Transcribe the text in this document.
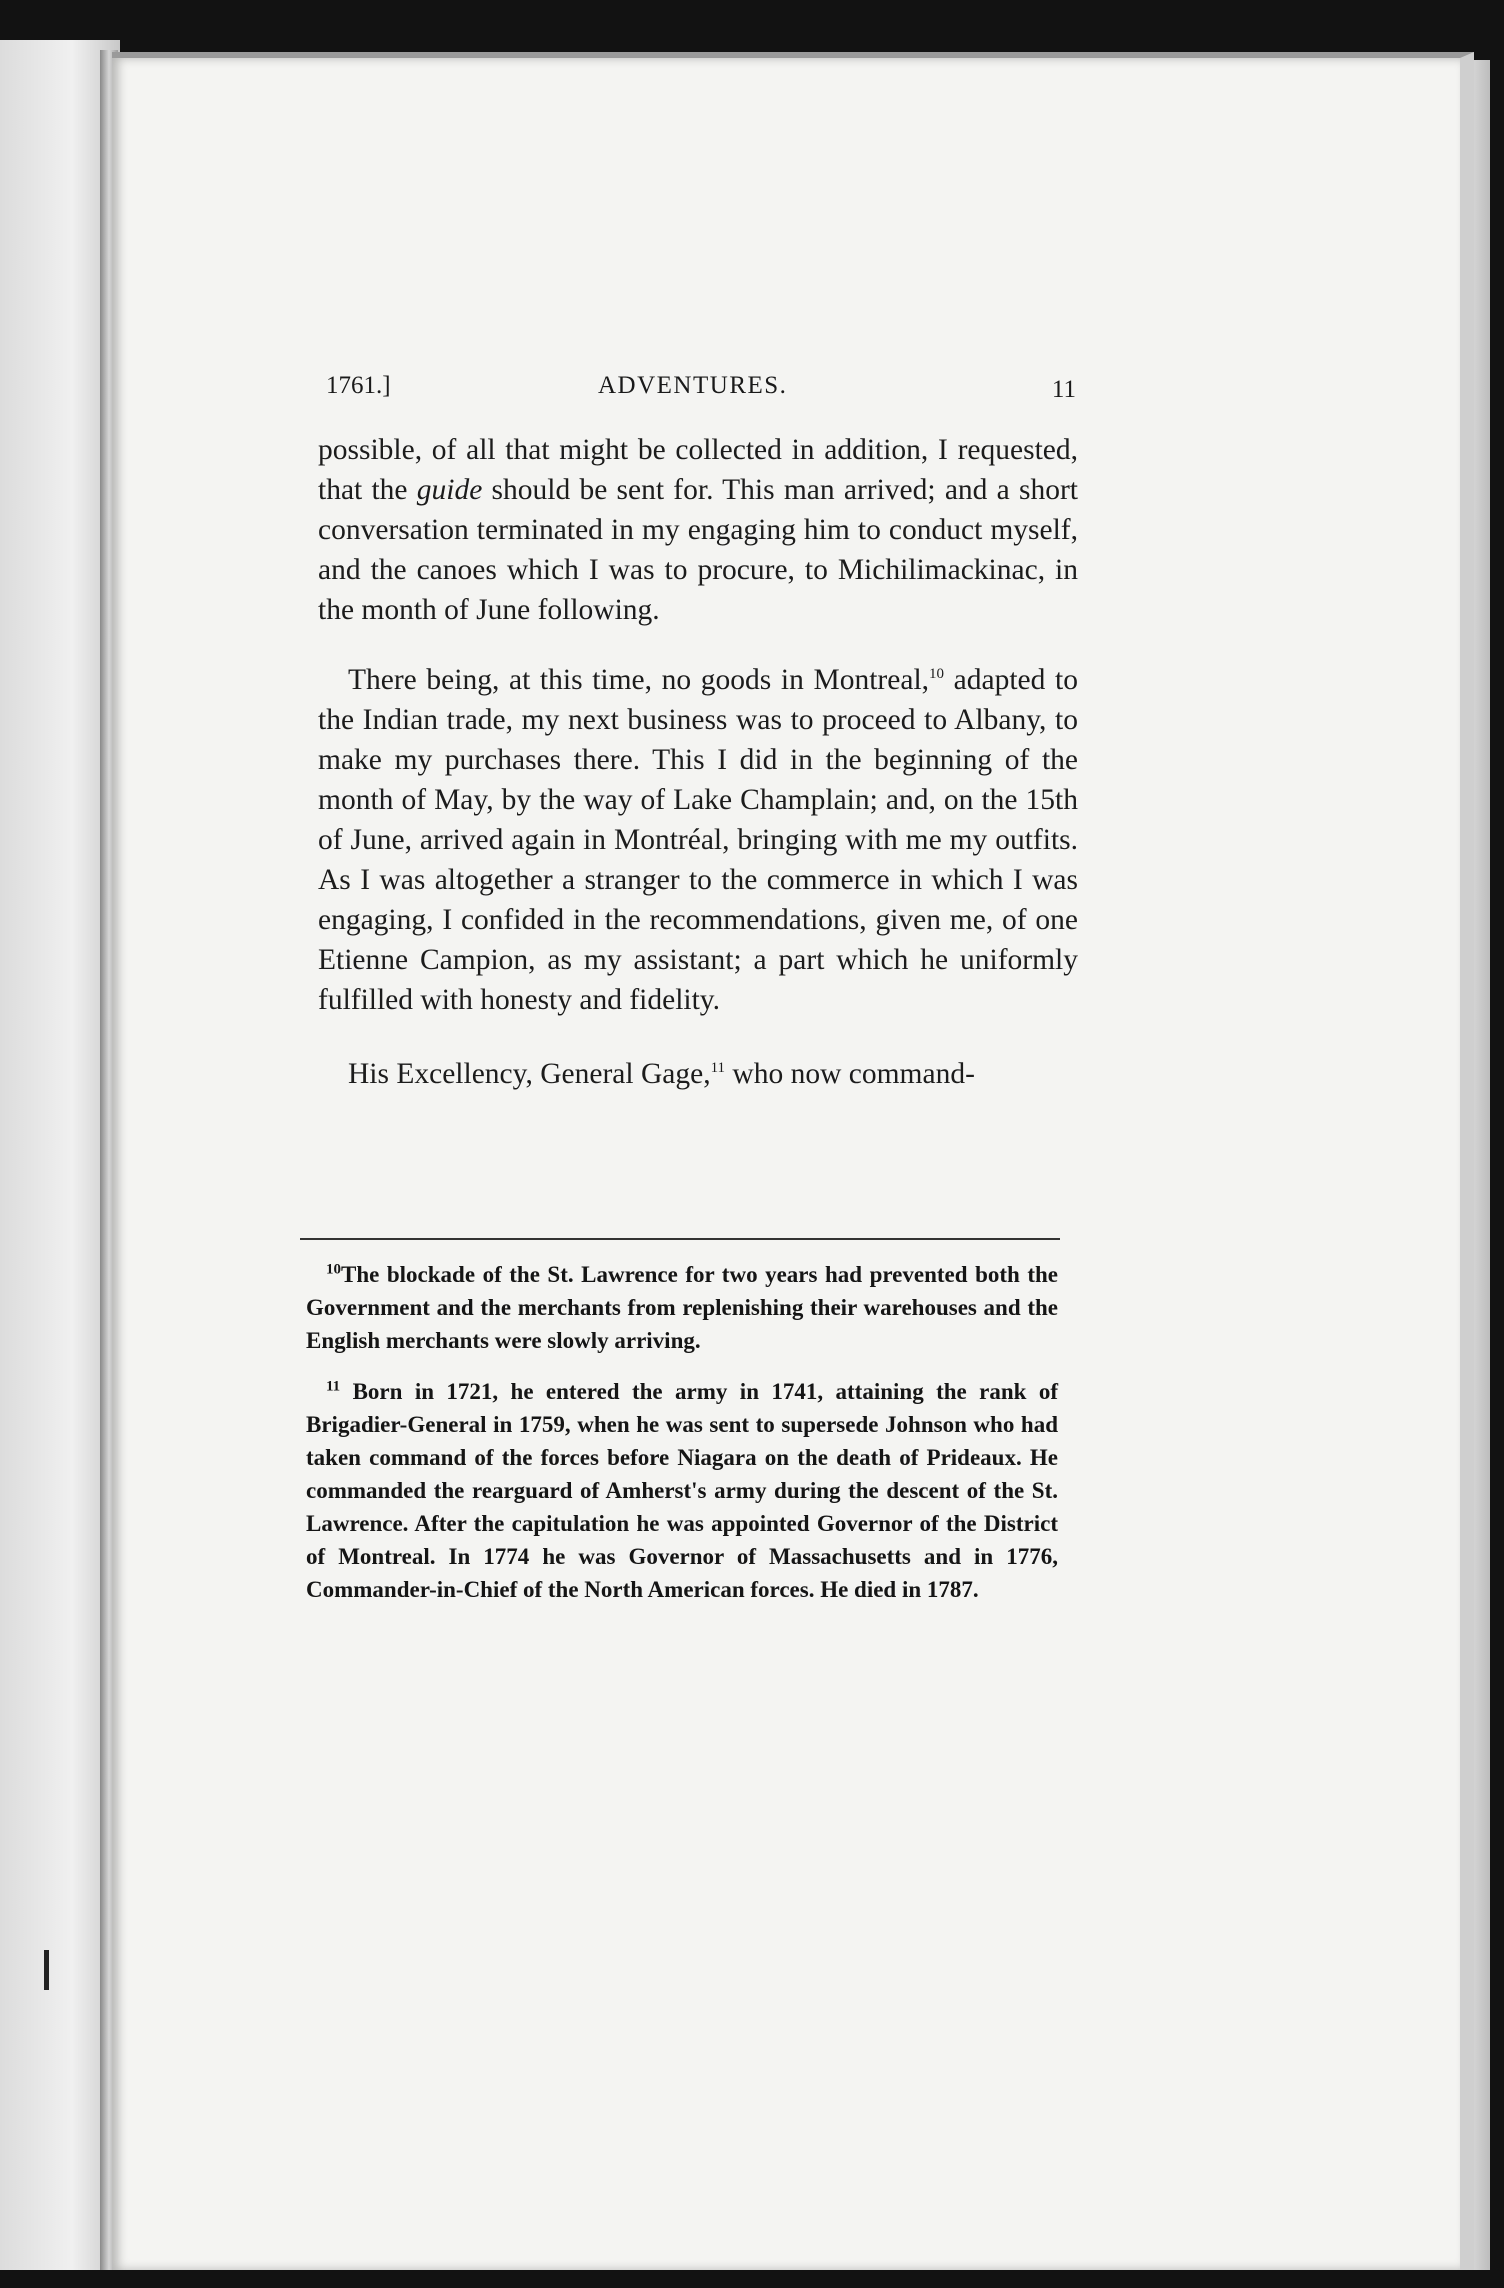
1761.]	ADVENTURES.	11

possible, of all that might be collected in addition, I requested, that the guide should be sent for. This man arrived; and a short conversation terminated in my engaging him to conduct myself, and the canoes which I was to procure, to Michilimackinac, in the month of June following.

There being, at this time, no goods in Montreal,$^{10}$ adapted to the Indian trade, my next business was to proceed to Albany, to make my purchases there. This I did in the beginning of the month of May, by the way of Lake Champlain; and, on the 15th of June, arrived again in Montréal, bringing with me my outfits. As I was altogether a stranger to the commerce in which I was engaging, I confided in the recommendations, given me, of one Etienne Campion, as my assistant; a part which he uniformly fulfilled with honesty and fidelity.

His Excellency, General Gage,$^{11}$ who now command-

$^{10}$The blockade of the St. Lawrence for two years had prevented both the Government and the merchants from replenishing their warehouses and the English merchants were slowly arriving.

$^{11}$ Born in 1721, he entered the army in 1741, attaining the rank of Brigadier-General in 1759, when he was sent to supersede Johnson who had taken command of the forces before Niagara on the death of Prideaux. He commanded the rearguard of Amherst's army during the descent of the St. Lawrence. After the capitulation he was appointed Governor of the District of Montreal. In 1774 he was Governor of Massachusetts and in 1776, Commander-in-Chief of the North American forces. He died in 1787.
